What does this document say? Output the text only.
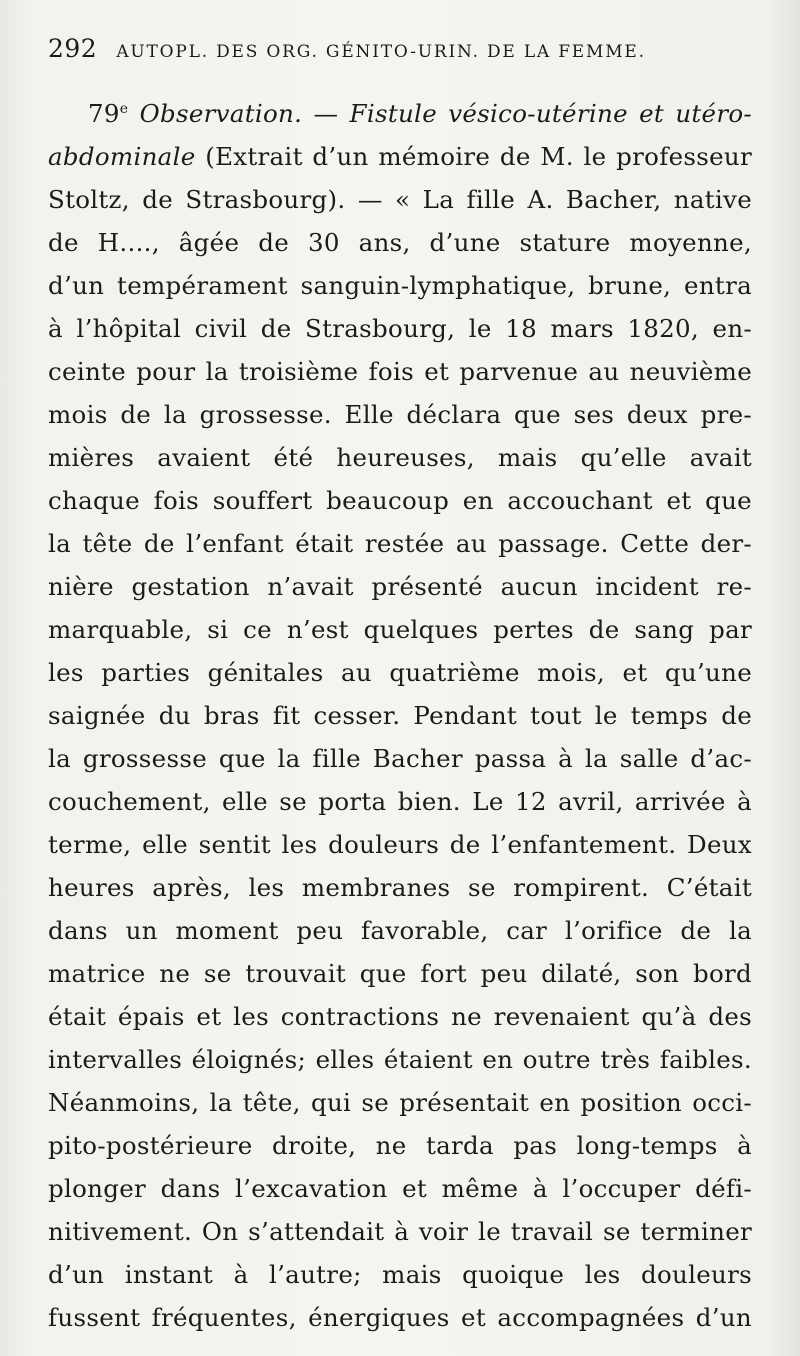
292 AUTOPL. DES ORG. GÉNITO-URIN. DE LA FEMME.
79e Observation. — Fistule vésico-utérine et utéro-
abdominale (Extrait d’un mémoire de M. le professeur
Stoltz, de Strasbourg). — « La fille A. Bacher, native
de H...., âgée de 30 ans, d’une stature moyenne,
d’un tempérament sanguin-lymphatique, brune, entra
à l’hôpital civil de Strasbourg, le 18 mars 1820, en-
ceinte pour la troisième fois et parvenue au neuvième
mois de la grossesse. Elle déclara que ses deux pre-
mières avaient été heureuses, mais qu’elle avait
chaque fois souffert beaucoup en accouchant et que
la tête de l’enfant était restée au passage. Cette der-
nière gestation n’avait présenté aucun incident re-
marquable, si ce n’est quelques pertes de sang par
les parties génitales au quatrième mois, et qu’une
saignée du bras fit cesser. Pendant tout le temps de
la grossesse que la fille Bacher passa à la salle d’ac-
couchement, elle se porta bien. Le 12 avril, arrivée à
terme, elle sentit les douleurs de l’enfantement. Deux
heures après, les membranes se rompirent. C’était
dans un moment peu favorable, car l’orifice de la
matrice ne se trouvait que fort peu dilaté, son bord
était épais et les contractions ne revenaient qu’à des
intervalles éloignés; elles étaient en outre très faibles.
Néanmoins, la tête, qui se présentait en position occi-
pito-postérieure droite, ne tarda pas long-temps à
plonger dans l’excavation et même à l’occuper défi-
nitivement. On s’attendait à voir le travail se terminer
d’un instant à l’autre; mais quoique les douleurs
fussent fréquentes, énergiques et accompagnées d’un
